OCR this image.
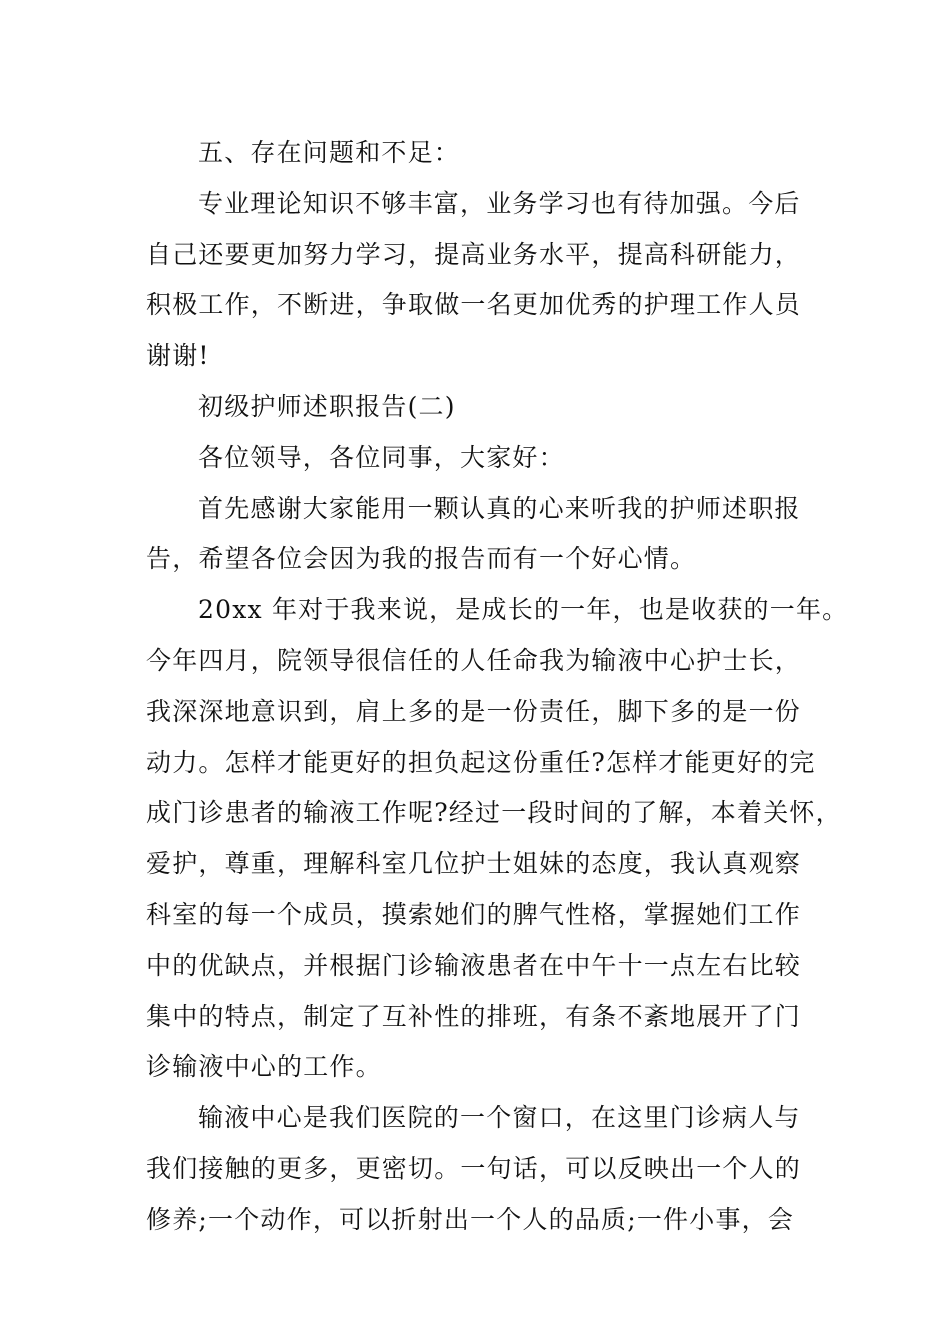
五、存在问题和不足：
专业理论知识不够丰富，业务学习也有待加强。今后
自己还要更加努力学习，提高业务水平，提高科研能力，
积极工作，不断进，争取做一名更加优秀的护理工作人员
谢谢!
初级护师述职报告(二)
各位领导，各位同事，大家好：
首先感谢大家能用一颗认真的心来听我的护师述职报
告，希望各位会因为我的报告而有一个好心情。
20xx 年对于我来说，是成长的一年，也是收获的一年。
今年四月，院领导很信任的人任命我为输液中心护士长，
我深深地意识到，肩上多的是一份责任，脚下多的是一份
动力。怎样才能更好的担负起这份重任?怎样才能更好的完
成门诊患者的输液工作呢?经过一段时间的了解，本着关怀，
爱护，尊重，理解科室几位护士姐妹的态度，我认真观察
科室的每一个成员，摸索她们的脾气性格，掌握她们工作
中的优缺点，并根据门诊输液患者在中午十一点左右比较
集中的特点，制定了互补性的排班，有条不紊地展开了门
诊输液中心的工作。
输液中心是我们医院的一个窗口，在这里门诊病人与
我们接触的更多，更密切。一句话，可以反映出一个人的
修养;一个动作，可以折射出一个人的品质;一件小事，会
